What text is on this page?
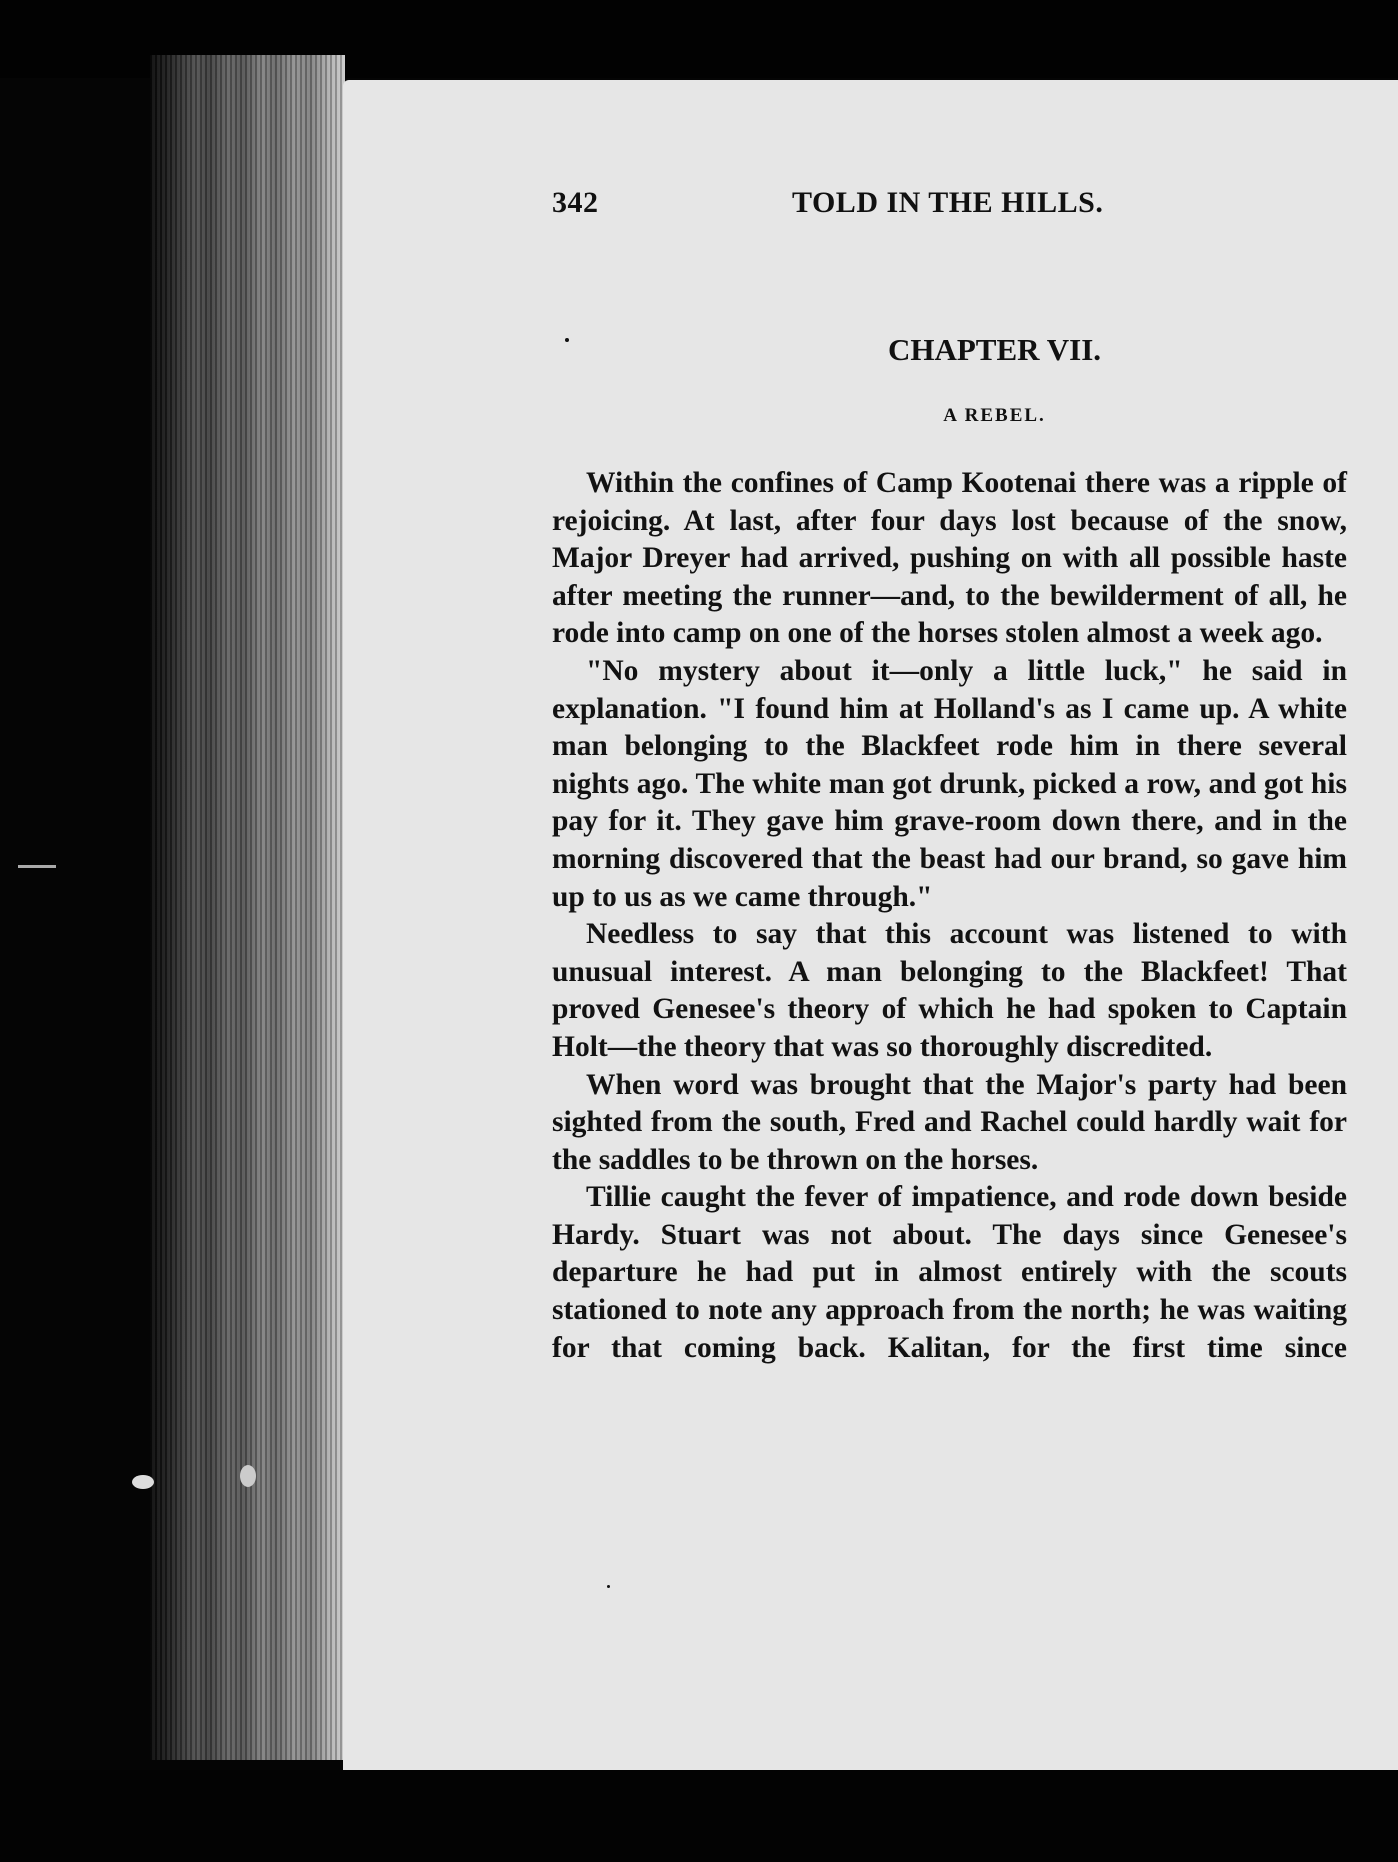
342	TOLD IN THE HILLS.
CHAPTER VII.
A REBEL.

Within the confines of Camp Kootenai there was a ripple of rejoicing. At last, after four days lost because of the snow, Major Dreyer had arrived, pushing on with all possible haste after meeting the runner—and, to the bewilderment of all, he rode into camp on one of the horses stolen almost a week ago.

"No mystery about it—only a little luck," he said in explanation. "I found him at Holland's as I came up. A white man belonging to the Blackfeet rode him in there several nights ago. The white man got drunk, picked a row, and got his pay for it. They gave him grave-room down there, and in the morning discovered that the beast had our brand, so gave him up to us as we came through."

Needless to say that this account was listened to with unusual interest. A man belonging to the Blackfeet! That proved Genesee's theory of which he had spoken to Captain Holt—the theory that was so thoroughly discredited.

When word was brought that the Major's party had been sighted from the south, Fred and Rachel could hardly wait for the saddles to be thrown on the horses.

Tillie caught the fever of impatience, and rode down beside Hardy. Stuart was not about. The days since Genesee's departure he had put in almost entirely with the scouts stationed to note any approach from the north; he was waiting for that coming back. Kalitan, for the first time since
